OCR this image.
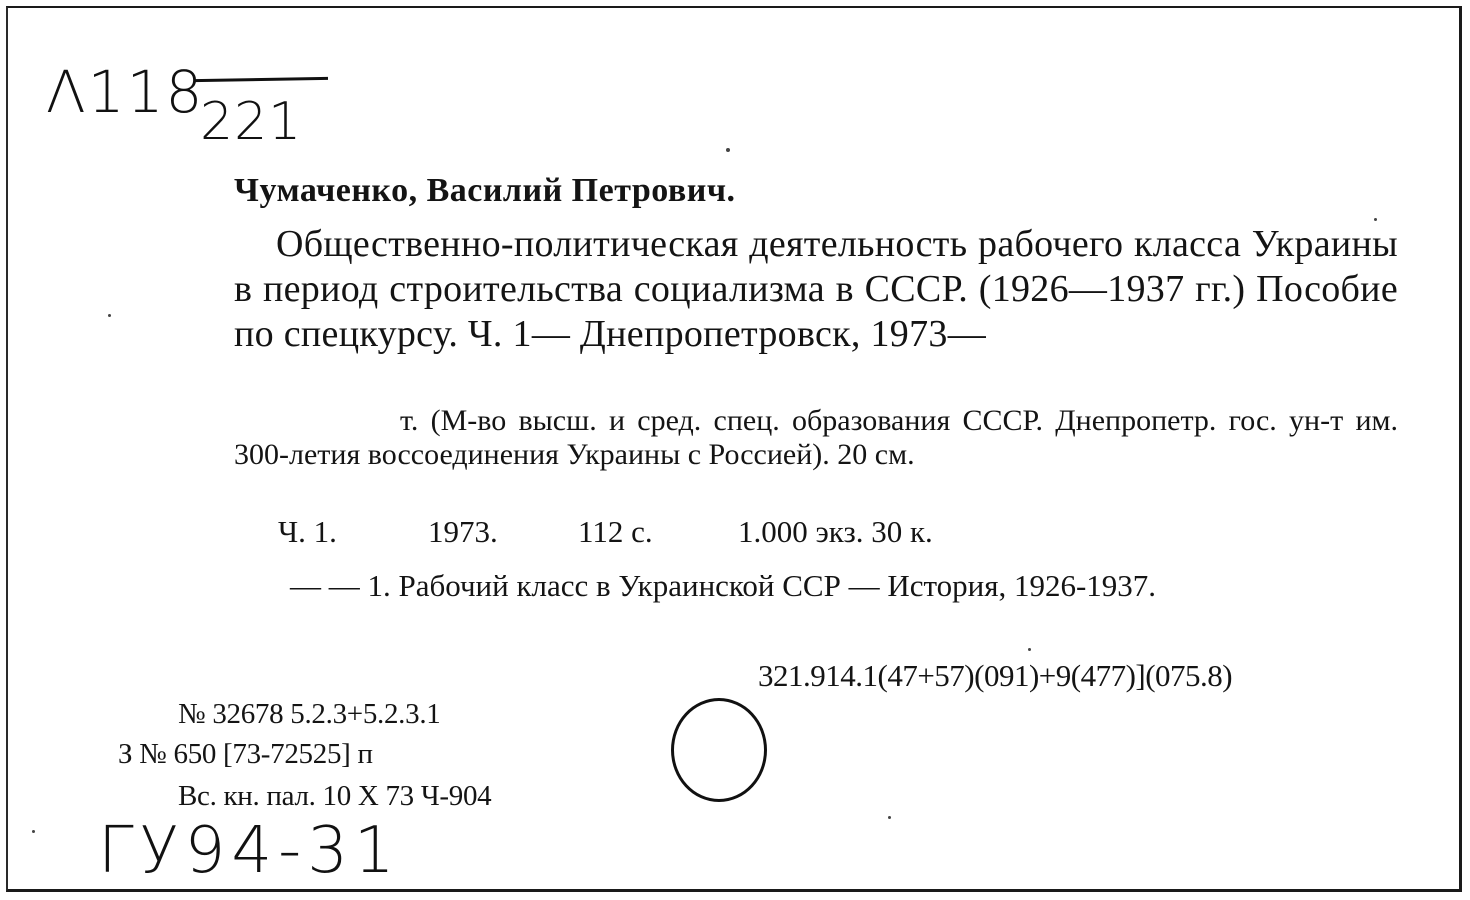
Λ118
221
Чумаченко, Василий Петрович.
Общественно-политическая деятельность рабочего класса Украины в период строительства социализма в СССР. (1926—1937 гг.) Пособие по спецкурсу. Ч. 1— Днепропетровск, 1973—
т. (М-во высш. и сред. спец. образования СССР. Днепропетр. гос. ун-т им. 300-летия воссоединения Украины с Россией). 20 см.
Ч. 1.	1973.	112 с.	1.000 экз. 30 к.
— — 1. Рабочий класс в Украинской ССР — История, 1926-1937.
321.914.1(47+57)(091)+9(477)](075.8)
№ 32678 5.2.3+5.2.3.1
З № 650 [73-72525] п
Вс. кн. пал. 10 X 73 Ч-904
ГУ94-31
